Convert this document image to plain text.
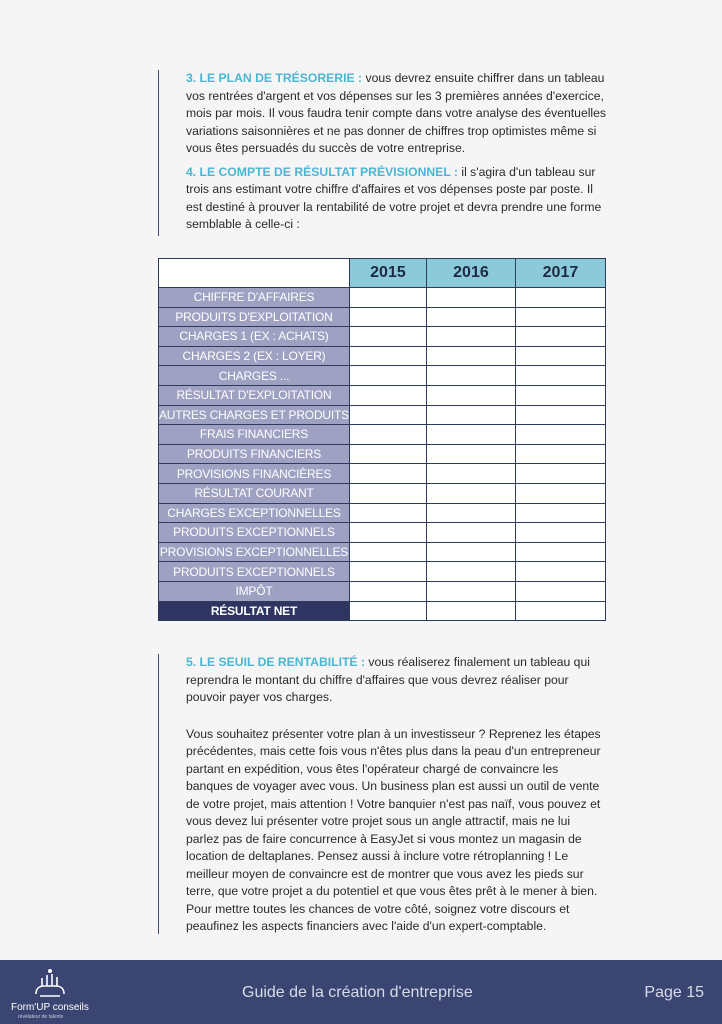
3. LE PLAN DE TRÉSORERIE : vous devrez ensuite chiffrer dans un tableau vos rentrées d'argent et vos dépenses sur les 3 premières années d'exercice, mois par mois. Il vous faudra tenir compte dans votre analyse des éventuelles variations saisonnières et ne pas donner de chiffres trop optimistes même si vous êtes persuadés du succès de votre entreprise.

4. LE COMPTE DE RÉSULTAT PRÉVISIONNEL : il s'agira d'un tableau sur trois ans estimant votre chiffre d'affaires et vos dépenses poste par poste. Il est destiné à prouver la rentabilité de votre projet et devra prendre une forme semblable à celle-ci :

	2015	2016	2017
CHIFFRE D'AFFAIRES			
PRODUITS D'EXPLOITATION			
CHARGES 1 (EX : ACHATS)			
CHARGES 2 (EX : LOYER)			
CHARGES ...			
RÉSULTAT D'EXPLOITATION			
AUTRES CHARGES ET PRODUITS			
FRAIS FINANCIERS			
PRODUITS FINANCIERS			
PROVISIONS FINANCIÈRES			
RÉSULTAT COURANT			
CHARGES EXCEPTIONNELLES			
PRODUITS EXCEPTIONNELS			
PROVISIONS EXCEPTIONNELLES			
PRODUITS EXCEPTIONNELS			
IMPÔT			
RÉSULTAT NET			

5. LE SEUIL DE RENTABILITÉ : vous réaliserez finalement un tableau qui reprendra le montant du chiffre d'affaires que vous devrez réaliser pour pouvoir payer vos charges.

Vous souhaitez présenter votre plan à un investisseur ? Reprenez les étapes précédentes, mais cette fois vous n'êtes plus dans la peau d'un entrepreneur partant en expédition, vous êtes l'opérateur chargé de convaincre les banques de voyager avec vous. Un business plan est aussi un outil de vente de votre projet, mais attention ! Votre banquier n'est pas naïf, vous pouvez et vous devez lui présenter votre projet sous un angle attractif, mais ne lui parlez pas de faire concurrence à EasyJet si vous montez un magasin de location de deltaplanes. Pensez aussi à inclure votre rétroplanning ! Le meilleur moyen de convaincre est de montrer que vous avez les pieds sur terre, que votre projet a du potentiel et que vous êtes prêt à le mener à bien. Pour mettre toutes les chances de votre côté, soignez votre discours et peaufinez les aspects financiers avec l'aide d'un expert-comptable.

Form'UP conseils
révélateur de talents
Guide de la création d'entreprise	Page 15
